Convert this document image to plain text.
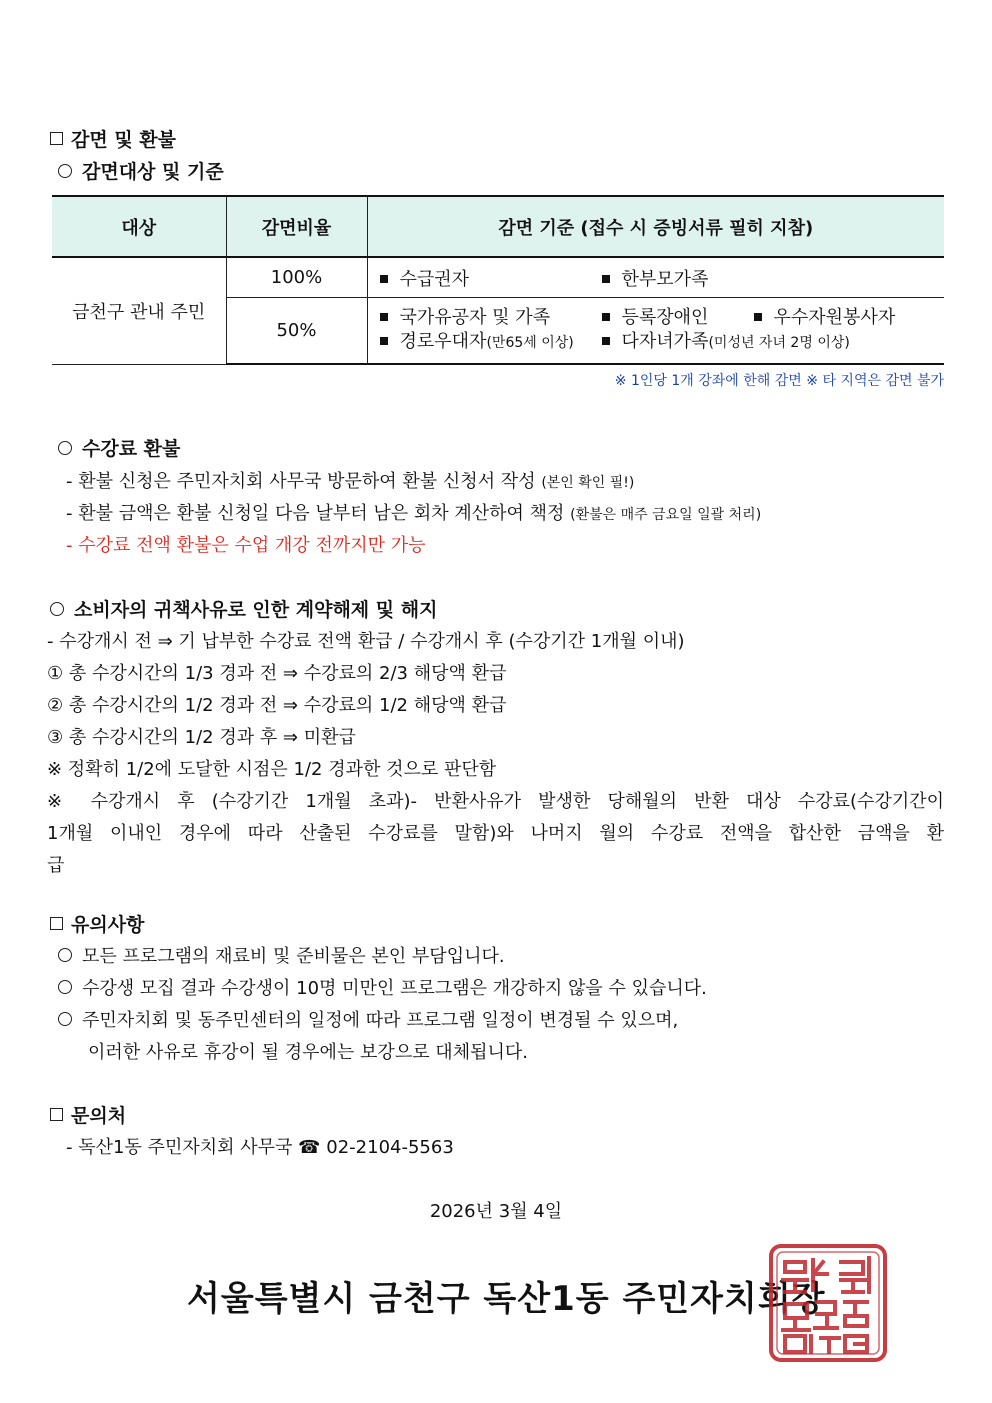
감면 및 환불
감면대상 및 기준
대상	감면비율	감면 기준 (접수 시 증빙서류 필히 지참)
금천구 관내 주민	100%	수급권자 한부모가족
	50%	국가유공자 및 가족 등록장애인 우수자원봉사자
경로우대자(만65세 이상) 다자녀가족(미성년 자녀 2명 이상)
※ 1인당 1개 강좌에 한해 감면 ※ 타 지역은 감면 불가
수강료 환불
- 환불 신청은 주민자치회 사무국 방문하여 환불 신청서 작성 (본인 확인 필!)
- 환불 금액은 환불 신청일 다음 날부터 남은 회차 계산하여 책정 (환불은 매주 금요일 일괄 처리)
- 수강료 전액 환불은 수업 개강 전까지만 가능
소비자의 귀책사유로 인한 계약해제 및 해지
- 수강개시 전 ⇒ 기 납부한 수강료 전액 환급 / 수강개시 후 (수강기간 1개월 이내)
① 총 수강시간의 1/3 경과 전 ⇒ 수강료의 2/3 해당액 환급
② 총 수강시간의 1/2 경과 전 ⇒ 수강료의 1/2 해당액 환급
③ 총 수강시간의 1/2 경과 후 ⇒ 미환급
※ 정확히 1/2에 도달한 시점은 1/2 경과한 것으로 판단함
※ 수강개시 후 (수강기간 1개월 초과)- 반환사유가 발생한 당해월의 반환 대상 수강료(수강기간이
1개월 이내인 경우에 따라 산출된 수강료를 말함)와 나머지 월의 수강료 전액을 합산한 금액을 환
급
유의사항
모든 프로그램의 재료비 및 준비물은 본인 부담입니다.
수강생 모집 결과 수강생이 10명 미만인 프로그램은 개강하지 않을 수 있습니다.
주민자치회 및 동주민센터의 일정에 따라 프로그램 일정이 변경될 수 있으며,
이러한 사유로 휴강이 될 경우에는 보강으로 대체됩니다.
문의처
- 독산1동 주민자치회 사무국 ☎ 02-2104-5563
2026년 3월 4일
서울특별시 금천구 독산1동 주민자치회장
